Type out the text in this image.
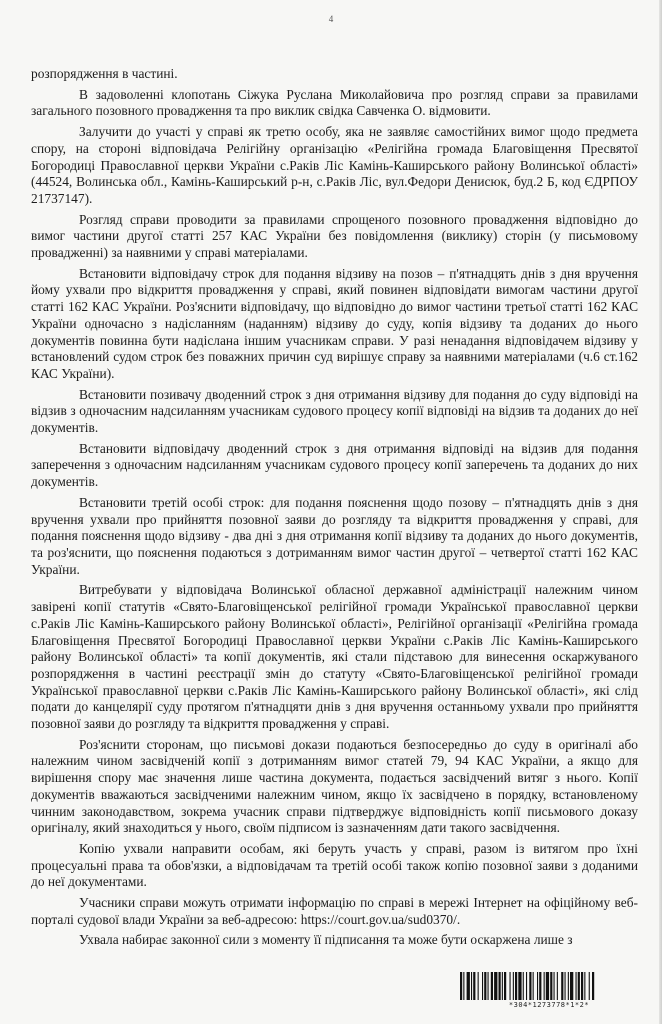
4

розпорядження в частині.

В задоволенні клопотань Сіжука Руслана Миколайовича про розгляд справи за правилами загального позовного провадження та про виклик свідка Савченка О. відмовити.

Залучити до участі у справі як третю особу, яка не заявляє самостійних вимог щодо предмета спору, на стороні відповідача Релігійну організацію «Релігійна громада Благовіщення Пресвятої Богородиці Православної церкви України с.Раків Ліс Камінь-Каширського району Волинської області» (44524, Волинська обл., Камінь-Каширський р-н, с.Раків Ліс, вул.Федори Денисюк, буд.2 Б, код ЄДРПОУ 21737147).

Розгляд справи проводити за правилами спрощеного позовного провадження відповідно до вимог частини другої статті 257 КАС України без повідомлення (виклику) сторін (у письмовому провадженні) за наявними у справі матеріалами.

Встановити відповідачу строк для подання відзиву на позов – п'ятнадцять днів з дня вручення йому ухвали про відкриття провадження у справі, який повинен відповідати вимогам частини другої статті 162 КАС України. Роз'яснити відповідачу, що відповідно до вимог частини третьої статті 162 КАС України одночасно з надісланням (наданням) відзиву до суду, копія відзиву та доданих до нього документів повинна бути надіслана іншим учасникам справи. У разі ненадання відповідачем відзиву у встановлений судом строк без поважних причин суд вирішує справу за наявними матеріалами (ч.6 ст.162 КАС України).

Встановити позивачу дводенний строк з дня отримання відзиву для подання до суду відповіді на відзив з одночасним надсиланням учасникам судового процесу копії відповіді на відзив та доданих до неї документів.

Встановити відповідачу дводенний строк з дня отримання відповіді на відзив для подання заперечення з одночасним надсиланням учасникам судового процесу копії заперечень та доданих до них документів.

Встановити третій особі строк: для подання пояснення щодо позову – п'ятнадцять днів з дня вручення ухвали про прийняття позовної заяви до розгляду та відкриття провадження у справі, для подання пояснення щодо відзиву - два дні з дня отримання копії відзиву та доданих до нього документів, та роз'яснити, що пояснення подаються з дотриманням вимог частин другої – четвертої статті 162 КАС України.

Витребувати у відповідача Волинської обласної державної адміністрації належним чином завірені копії статутів «Свято-Благовіщенської релігійної громади Української православної церкви с.Раків Ліс Камінь-Каширського району Волинської області», Релігійної організації «Релігійна громада Благовіщення Пресвятої Богородиці Православної церкви України с.Раків Ліс Камінь-Каширського району Волинської області» та копії документів, які стали підставою для винесення оскаржуваного розпорядження в частині реєстрації змін до статуту «Свято-Благовіщенської релігійної громади Української православної церкви с.Раків Ліс Камінь-Каширського району Волинської області», які слід подати до канцелярії суду протягом п'ятнадцяти днів з дня вручення останньому ухвали про прийняття позовної заяви до розгляду та відкриття провадження у справі.

Роз'яснити сторонам, що письмові докази подаються безпосередньо до суду в оригіналі або належним чином засвідченій копії з дотриманням вимог статей 79, 94 КАС України, а якщо для вирішення спору має значення лише частина документа, подається засвідчений витяг з нього. Копії документів вважаються засвідченими належним чином, якщо їх засвідчено в порядку, встановленому чинним законодавством, зокрема учасник справи підтверджує відповідність копії письмового доказу оригіналу, який знаходиться у нього, своїм підписом із зазначенням дати такого засвідчення.

Копію ухвали направити особам, які беруть участь у справі, разом із витягом про їхні процесуальні права та обов'язки, а відповідачам та третій особі також копію позовної заяви з доданими до неї документами.

Учасники справи можуть отримати інформацію по справі в мережі Інтернет на офіційному веб-порталі судової влади України за веб-адресою: https://court.gov.ua/sud0370/.

Ухвала набирає законної сили з моменту її підписання та може бути оскаржена лише з

*304*1273778*1*2*
